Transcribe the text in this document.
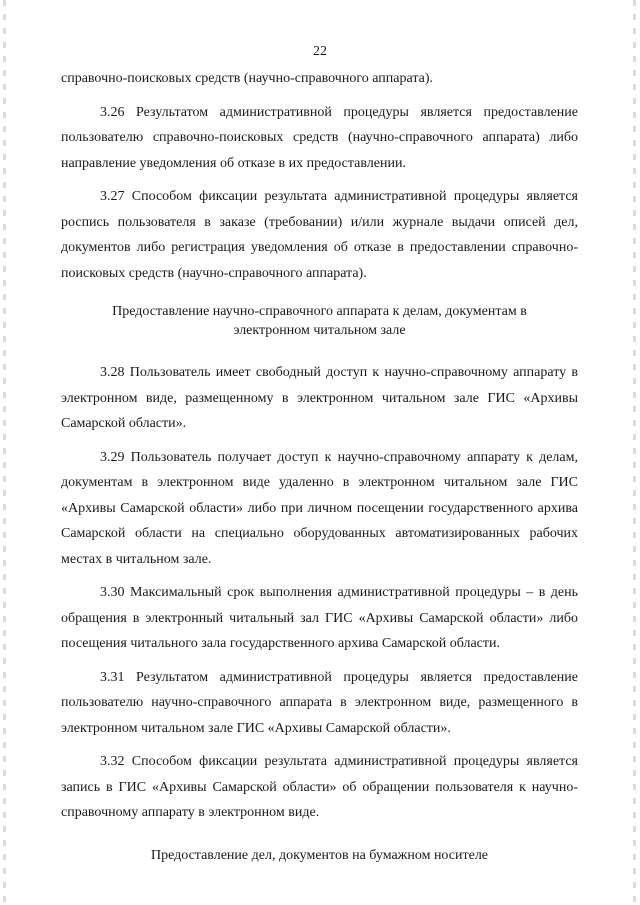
22

справочно-поисковых средств (научно-справочного аппарата).

3.26 Результатом административной процедуры является предоставление пользователю справочно-поисковых средств (научно-справочного аппарата) либо направление уведомления об отказе в их предоставлении.

3.27 Способом фиксации результата административной процедуры является роспись пользователя в заказе (требовании) и/или журнале выдачи описей дел, документов либо регистрация уведомления об отказе в предоставлении справочно-поисковых средств (научно-справочного аппарата).

Предоставление научно-справочного аппарата к делам, документам в электронном читальном зале

3.28 Пользователь имеет свободный доступ к научно-справочному аппарату в электронном виде, размещенному в электронном читальном зале ГИС «Архивы Самарской области».

3.29 Пользователь получает доступ к научно-справочному аппарату к делам, документам в электронном виде удаленно в электронном читальном зале ГИС «Архивы Самарской области» либо при личном посещении государственного архива Самарской области на специально оборудованных автоматизированных рабочих местах в читальном зале.

3.30 Максимальный срок выполнения административной процедуры – в день обращения в электронный читальный зал ГИС «Архивы Самарской области» либо посещения читального зала государственного архива Самарской области.

3.31 Результатом административной процедуры является предоставление пользователю научно-справочного аппарата в электронном виде, размещенного в электронном читальном зале ГИС «Архивы Самарской области».

3.32 Способом фиксации результата административной процедуры является запись в ГИС «Архивы Самарской области» об обращении пользователя к научно-справочному аппарату в электронном виде.

Предоставление дел, документов на бумажном носителе
